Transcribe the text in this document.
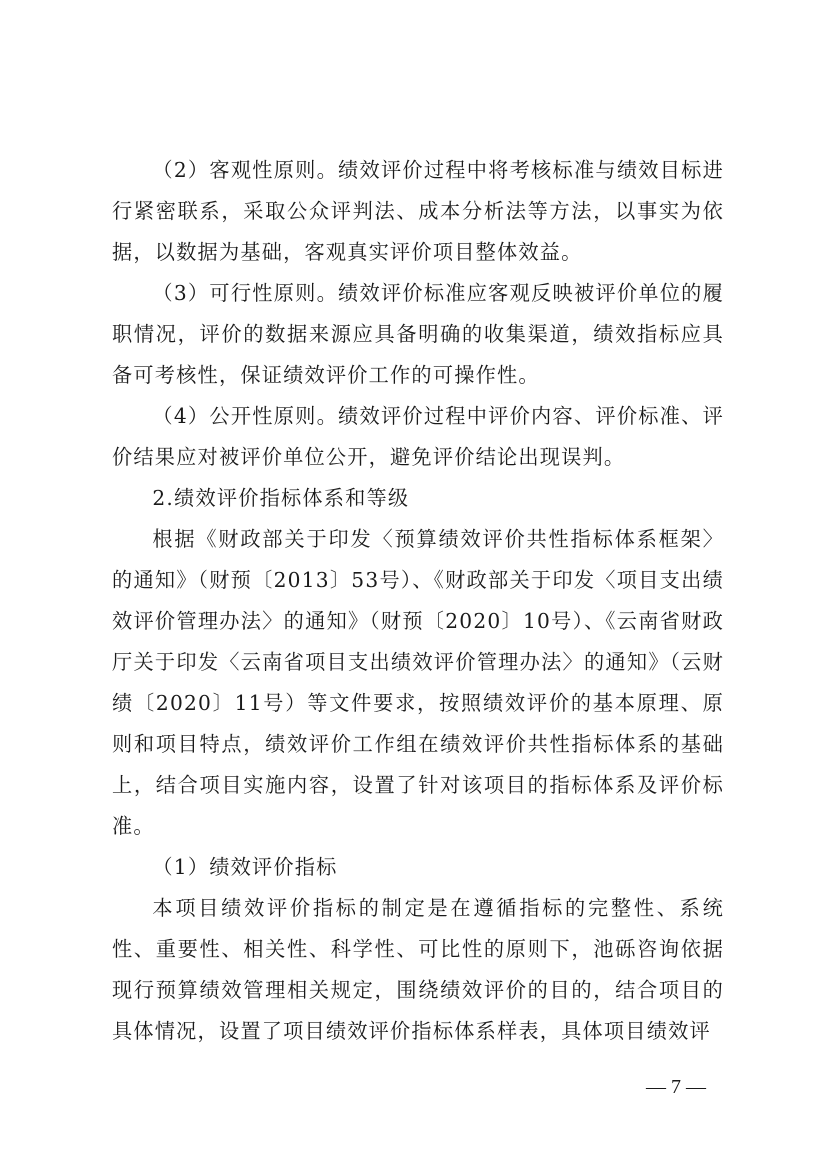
（2）客观性原则。绩效评价过程中将考核标准与绩效目标进行紧密联系，采取公众评判法、成本分析法等方法，以事实为依据，以数据为基础，客观真实评价项目整体效益。

（3）可行性原则。绩效评价标准应客观反映被评价单位的履职情况，评价的数据来源应具备明确的收集渠道，绩效指标应具备可考核性，保证绩效评价工作的可操作性。

（4）公开性原则。绩效评价过程中评价内容、评价标准、评价结果应对被评价单位公开，避免评价结论出现误判。

2.绩效评价指标体系和等级

根据《财政部关于印发〈预算绩效评价共性指标体系框架〉的通知》（财预〔2013〕53号）、《财政部关于印发〈项目支出绩效评价管理办法〉的通知》（财预〔2020〕10号）、《云南省财政厅关于印发〈云南省项目支出绩效评价管理办法〉的通知》（云财绩〔2020〕11号）等文件要求，按照绩效评价的基本原理、原则和项目特点，绩效评价工作组在绩效评价共性指标体系的基础上，结合项目实施内容，设置了针对该项目的指标体系及评价标准。

（1）绩效评价指标

本项目绩效评价指标的制定是在遵循指标的完整性、系统性、重要性、相关性、科学性、可比性的原则下，池砾咨询依据现行预算绩效管理相关规定，围绕绩效评价的目的，结合项目的具体情况，设置了项目绩效评价指标体系样表，具体项目绩效评

— 7 —
